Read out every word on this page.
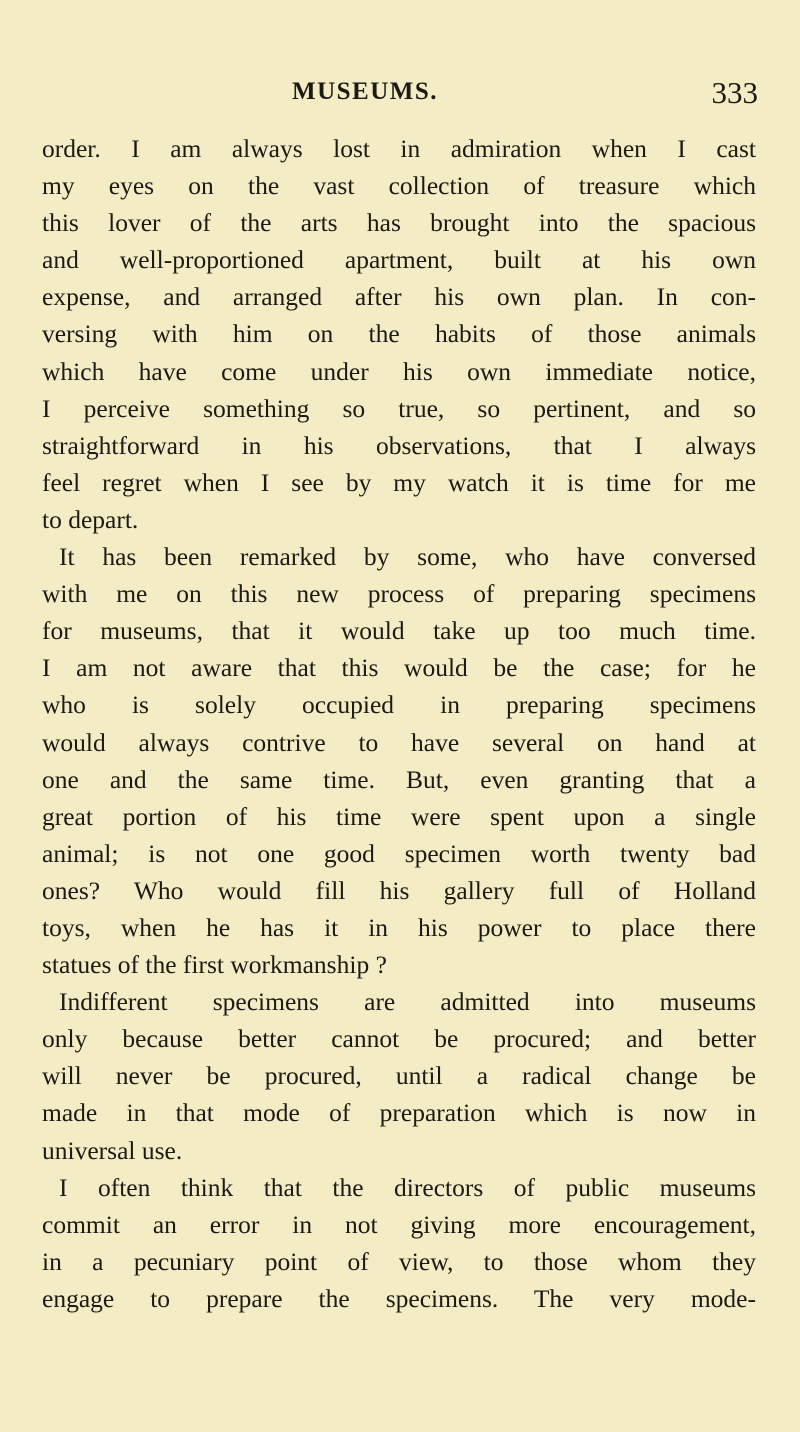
MUSEUMS.	333
order. I am always lost in admiration when I cast
my eyes on the vast collection of treasure which
this lover of the arts has brought into the spacious
and well-proportioned apartment, built at his own
expense, and arranged after his own plan. In con-
versing with him on the habits of those animals
which have come under his own immediate notice,
I perceive something so true, so pertinent, and so
straightforward in his observations, that I always
feel regret when I see by my watch it is time for me
to depart.
It has been remarked by some, who have conversed
with me on this new process of preparing specimens
for museums, that it would take up too much time.
I am not aware that this would be the case; for he
who is solely occupied in preparing specimens
would always contrive to have several on hand at
one and the same time. But, even granting that a
great portion of his time were spent upon a single
animal; is not one good specimen worth twenty bad
ones? Who would fill his gallery full of Holland
toys, when he has it in his power to place there
statues of the first workmanship ?
Indifferent specimens are admitted into museums
only because better cannot be procured; and better
will never be procured, until a radical change be
made in that mode of preparation which is now in
universal use.
I often think that the directors of public museums
commit an error in not giving more encouragement,
in a pecuniary point of view, to those whom they
engage to prepare the specimens. The very mode-
